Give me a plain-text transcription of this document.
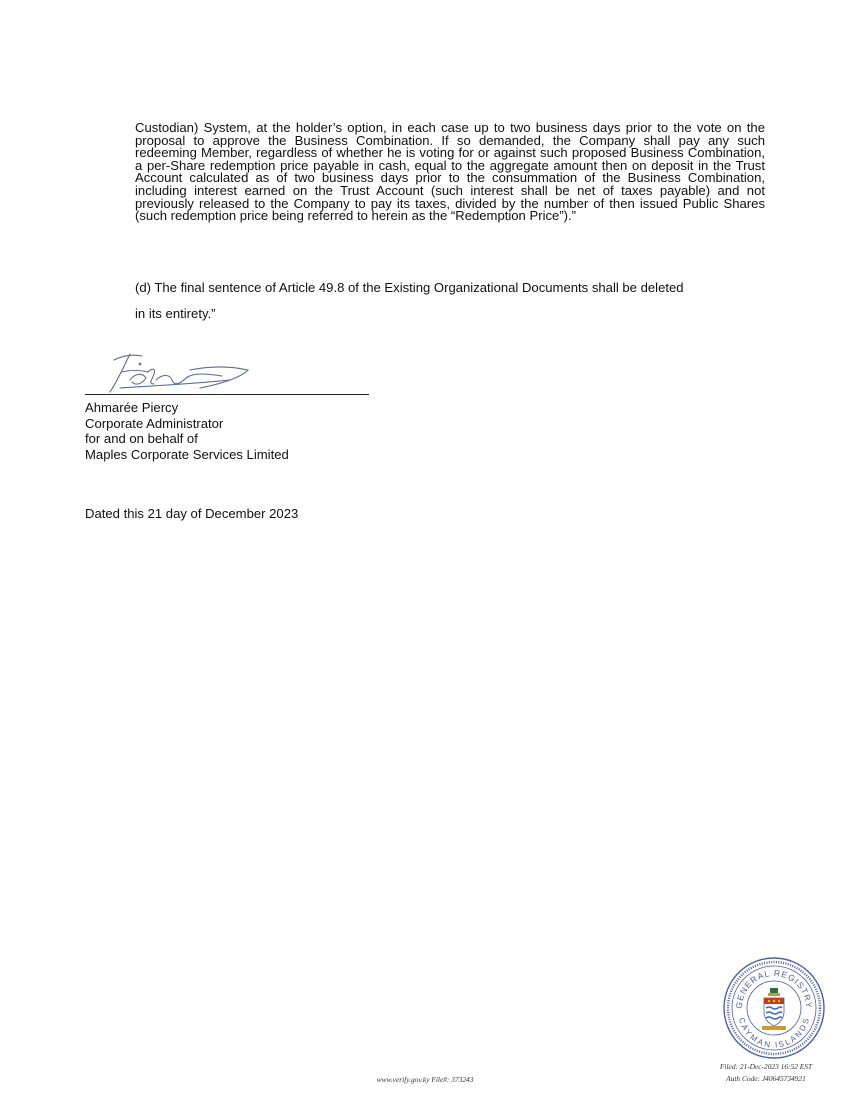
Custodian) System, at the holder’s option, in each case up to two business days prior to the vote on the proposal to approve the Business Combination. If so demanded, the Company shall pay any such redeeming Member, regardless of whether he is voting for or against such proposed Business Combination, a per-Share redemption price payable in cash, equal to the aggregate amount then on deposit in the Trust Account calculated as of two business days prior to the consummation of the Business Combination, including interest earned on the Trust Account (such interest shall be net of taxes payable) and not previously released to the Company to pay its taxes, divided by the number of then issued Public Shares (such redemption price being referred to herein as the “Redemption Price”).”

(d) The final sentence of Article 49.8 of the Existing Organizational Documents shall be deleted

in its entirety.”

Ahmarée Piercy
Corporate Administrator
for and on behalf of
Maples Corporate Services Limited
Dated this 21 day of December 2023
GENERAL REGISTRY
CAYMAN ISLANDS
Filed: 21-Dec-2023 16:52 EST
Auth Code: J40645734921
www.verify.gov.ky File#: 373243
